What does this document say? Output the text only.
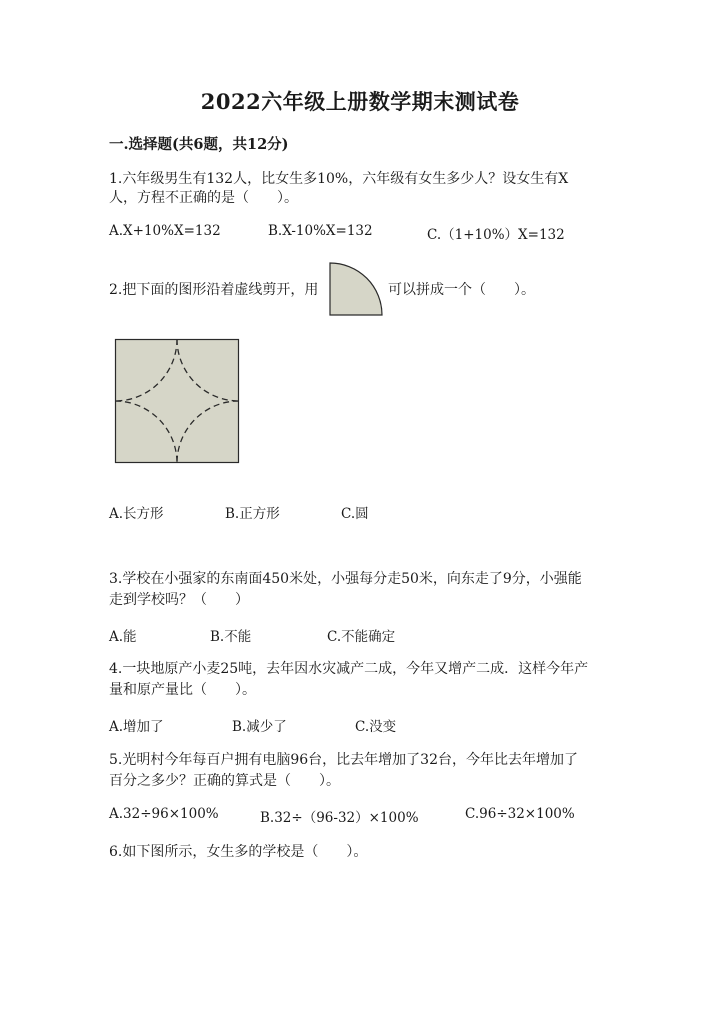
2022六年级上册数学期末测试卷
一.选择题(共6题，共12分)
1.六年级男生有132人，比女生多10%，六年级有女生多少人？设女生有X
人，方程不正确的是（　　）。
A.X+10%X=132	B.X-10%X=132	C.（1+10%）X=132
2.把下面的图形沿着虚线剪开，用	可以拼成一个（　　）。
A.长方形	B.正方形	C.圆
3.学校在小强家的东南面450米处，小强每分走50米，向东走了9分，小强能
走到学校吗？（　　）
A.能	B.不能	C.不能确定
4.一块地原产小麦25吨，去年因水灾减产二成，今年又增产二成．这样今年产
量和原产量比（　　）。
A.增加了	B.减少了	C.没变
5.光明村今年每百户拥有电脑96台，比去年增加了32台，今年比去年增加了
百分之多少？正确的算式是（　　）。
A.32÷96×100%	B.32÷（96-32）×100%	C.96÷32×100%
6.如下图所示，女生多的学校是（　　）。
